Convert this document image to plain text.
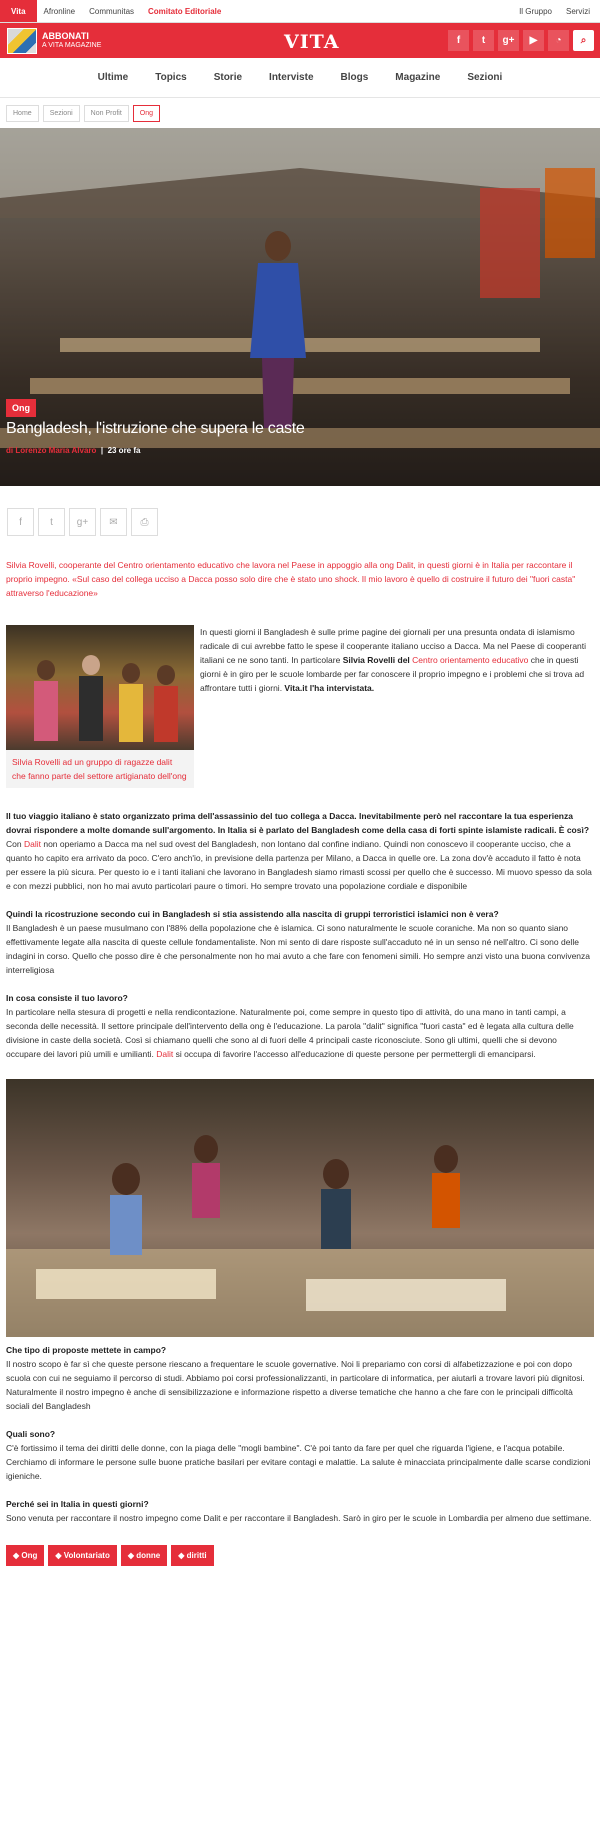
Vita	Afronline	Communitas	Comitato Editoriale	Il Gruppo	Servizi
ABBONATI
A VITA MAGAZINE	VITA	f	t	g+	▶	◔	⌕
Ultime	Topics	Storie	Interviste	Blogs	Magazine	Sezioni
Home	Sezioni	Non Profit	Ong
Ong
Bangladesh, l'istruzione che supera le caste
di Lorenzo Maria Alvaro  |  23 ore fa
f	t	g+	✉	⎙

Silvia Rovelli, cooperante del Centro orientamento educativo che lavora nel Paese in appoggio alla ong Dalit, in questi giorni è in Italia per raccontare il proprio impegno. «Sul caso del collega ucciso a Dacca posso solo dire che è stato uno shock. Il mio lavoro è quello di costruire il futuro dei "fuori casta" attraverso l'educazione»

Silvia Rovelli ad un gruppo di ragazze dalit che fanno parte del settore artigianato dell'ong

In questi giorni il Bangladesh è sulle prime pagine dei giornali per una presunta ondata di islamismo radicale di cui avrebbe fatto le spese il cooperante italiano ucciso a Dacca. Ma nel Paese di cooperanti italiani ce ne sono tanti. In particolare Silvia Rovelli del Centro orientamento educativo che in questi giorni è in giro per le scuole lombarde per far conoscere il proprio impegno e i problemi che si trova ad affrontare tutti i giorni. Vita.it l'ha intervistata.

Il tuo viaggio italiano è stato organizzato prima dell'assassinio del tuo collega a Dacca. Inevitabilmente però nel raccontare la tua esperienza dovrai rispondere a molte domande sull'argomento. In Italia si è parlato del Bangladesh come della casa di forti spinte islamiste radicali. È così?

Con Dalit non operiamo a Dacca ma nel sud ovest del Bangladesh, non lontano dal confine indiano. Quindi non conoscevo il cooperante ucciso, che a quanto ho capito era arrivato da poco. C'ero anch'io, in previsione della partenza per Milano, a Dacca in quelle ore. La zona dov'è accaduto il fatto è nota per essere la più sicura. Per questo io e i tanti italiani che lavorano in Bangladesh siamo rimasti scossi per quello che è successo. Mi muovo spesso da sola e con mezzi pubblici, non ho mai avuto particolari paure o timori. Ho sempre trovato una popolazione cordiale e disponibile

Quindi la ricostruzione secondo cui in Bangladesh si stia assistendo alla nascita di gruppi terroristici islamici non è vera?

Il Bangladesh è un paese musulmano con l'88% della popolazione che è islamica. Ci sono naturalmente le scuole coraniche. Ma non so quanto siano effettivamente legate alla nascita di queste cellule fondamentaliste. Non mi sento di dare risposte sull'accaduto né in un senso né nell'altro. Ci sono delle indagini in corso. Quello che posso dire è che personalmente non ho mai avuto a che fare con fenomeni simili. Ho sempre anzi visto una buona convivenza interreligiosa

In cosa consiste il tuo lavoro?

In particolare nella stesura di progetti e nella rendicontazione. Naturalmente poi, come sempre in questo tipo di attività, do una mano in tanti campi, a seconda delle necessità. Il settore principale dell'intervento della ong è l'educazione. La parola "dalit" significa "fuori casta" ed è legata alla cultura delle divisione in caste della società. Così si chiamano quelli che sono al di fuori delle 4 principali caste riconosciute. Sono gli ultimi, quelli che si devono occupare dei lavori più umili e umilianti. Dalit si occupa di favorire l'accesso all'educazione di queste persone per permettergli di emanciparsi.

Che tipo di proposte mettete in campo?

Il nostro scopo è far sì che queste persone riescano a frequentare le scuole governative. Noi li prepariamo con corsi di alfabetizzazione e poi con dopo scuola con cui ne seguiamo il percorso di studi. Abbiamo poi corsi professionalizzanti, in particolare di informatica, per aiutarli a trovare lavori più dignitosi. Naturalmente il nostro impegno è anche di sensibilizzazione e informazione rispetto a diverse tematiche che hanno a che fare con le principali difficoltà sociali del Bangladesh

Quali sono?

C'è fortissimo il tema dei diritti delle donne, con la piaga delle "mogli bambine". C'è poi tanto da fare per quel che riguarda l'igiene, e l'acqua potabile. Cerchiamo di informare le persone sulle buone pratiche basilari per evitare contagi e malattie. La salute è minacciata principalmente dalle scarse condizioni igieniche.

Perché sei in Italia in questi giorni?

Sono venuta per raccontare il nostro impegno come Dalit e per raccontare il Bangladesh. Sarò in giro per le scuole in Lombardia per almeno due settimane.

◆ Ong	◆ Volontariato	◆ donne	◆ diritti
